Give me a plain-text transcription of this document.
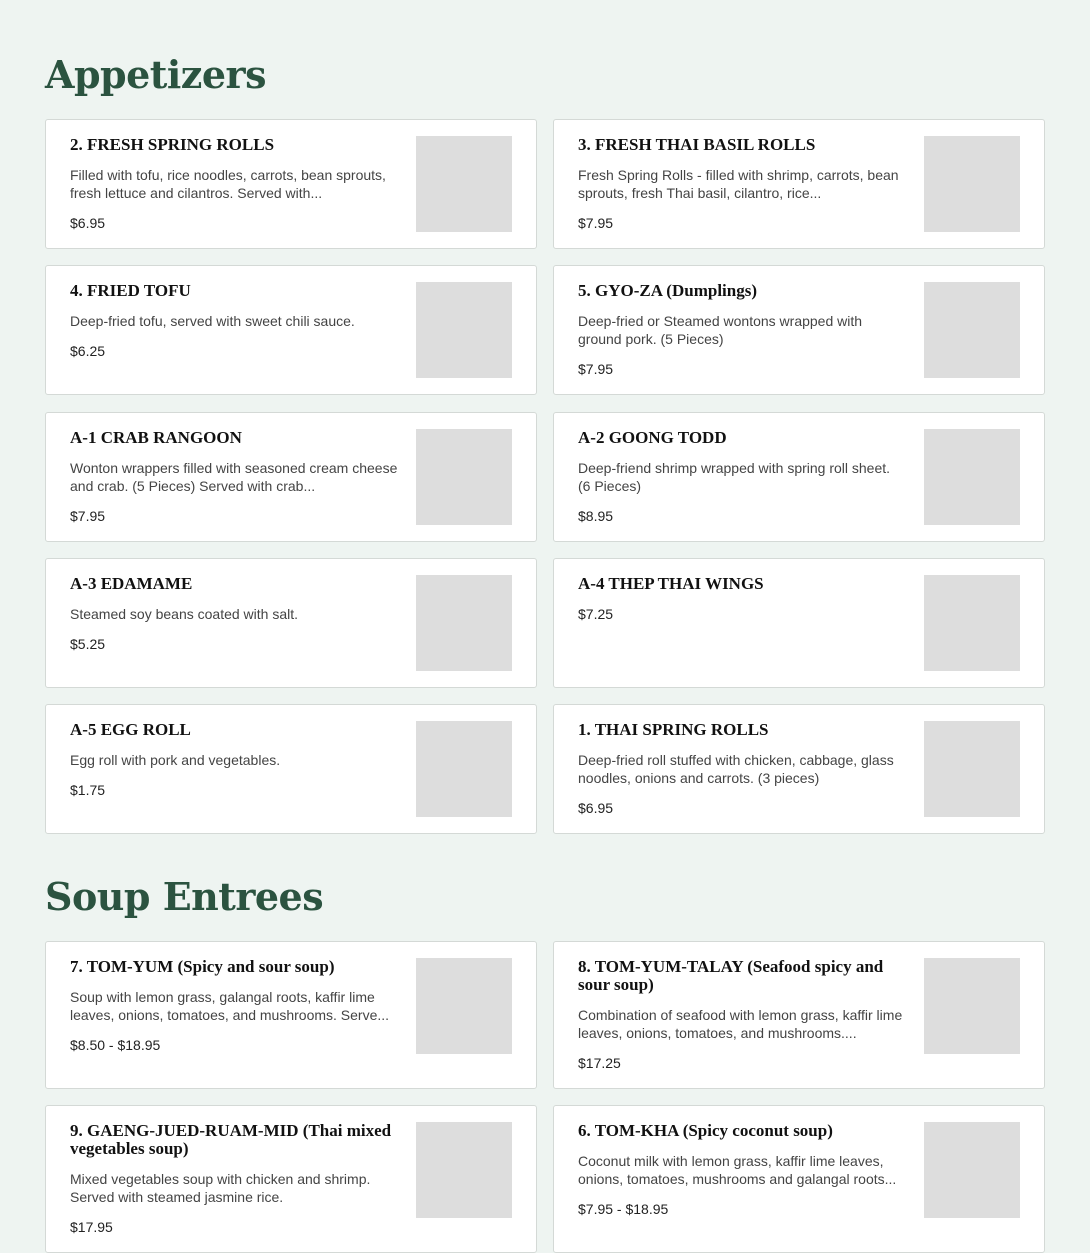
Appetizers
2. FRESH SPRING ROLLS

Filled with tofu, rice noodles, carrots, bean sprouts, fresh lettuce and cilantros. Served with...

$6.95

3. FRESH THAI BASIL ROLLS

Fresh Spring Rolls - filled with shrimp, carrots, bean sprouts, fresh Thai basil, cilantro, rice...

$7.95

4. FRIED TOFU

Deep-fried tofu, served with sweet chili sauce.

$6.25

5. GYO-ZA (Dumplings)

Deep-fried or Steamed wontons wrapped with ground pork. (5 Pieces)

$7.95

A-1 CRAB RANGOON

Wonton wrappers filled with seasoned cream cheese and crab. (5 Pieces) Served with crab...

$7.95

A-2 GOONG TODD

Deep-friend shrimp wrapped with spring roll sheet. (6 Pieces)

$8.95

A-3 EDAMAME

Steamed soy beans coated with salt.

$5.25

A-4 THEP THAI WINGS

$7.25

A-5 EGG ROLL

Egg roll with pork and vegetables.

$1.75

1. THAI SPRING ROLLS

Deep-fried roll stuffed with chicken, cabbage, glass noodles, onions and carrots. (3 pieces)

$6.95

Soup Entrees
7. TOM-YUM (Spicy and sour soup)

Soup with lemon grass, galangal roots, kaffir lime leaves, onions, tomatoes, and mushrooms. Serve...

$8.50 - $18.95

8. TOM-YUM-TALAY (Seafood spicy and sour soup)

Combination of seafood with lemon grass, kaffir lime leaves, onions, tomatoes, and mushrooms....

$17.25

9. GAENG-JUED-RUAM-MID (Thai mixed vegetables soup)

Mixed vegetables soup with chicken and shrimp. Served with steamed jasmine rice.

$17.95

6. TOM-KHA (Spicy coconut soup)

Coconut milk with lemon grass, kaffir lime leaves, onions, tomatoes, mushrooms and galangal roots...

$7.95 - $18.95
